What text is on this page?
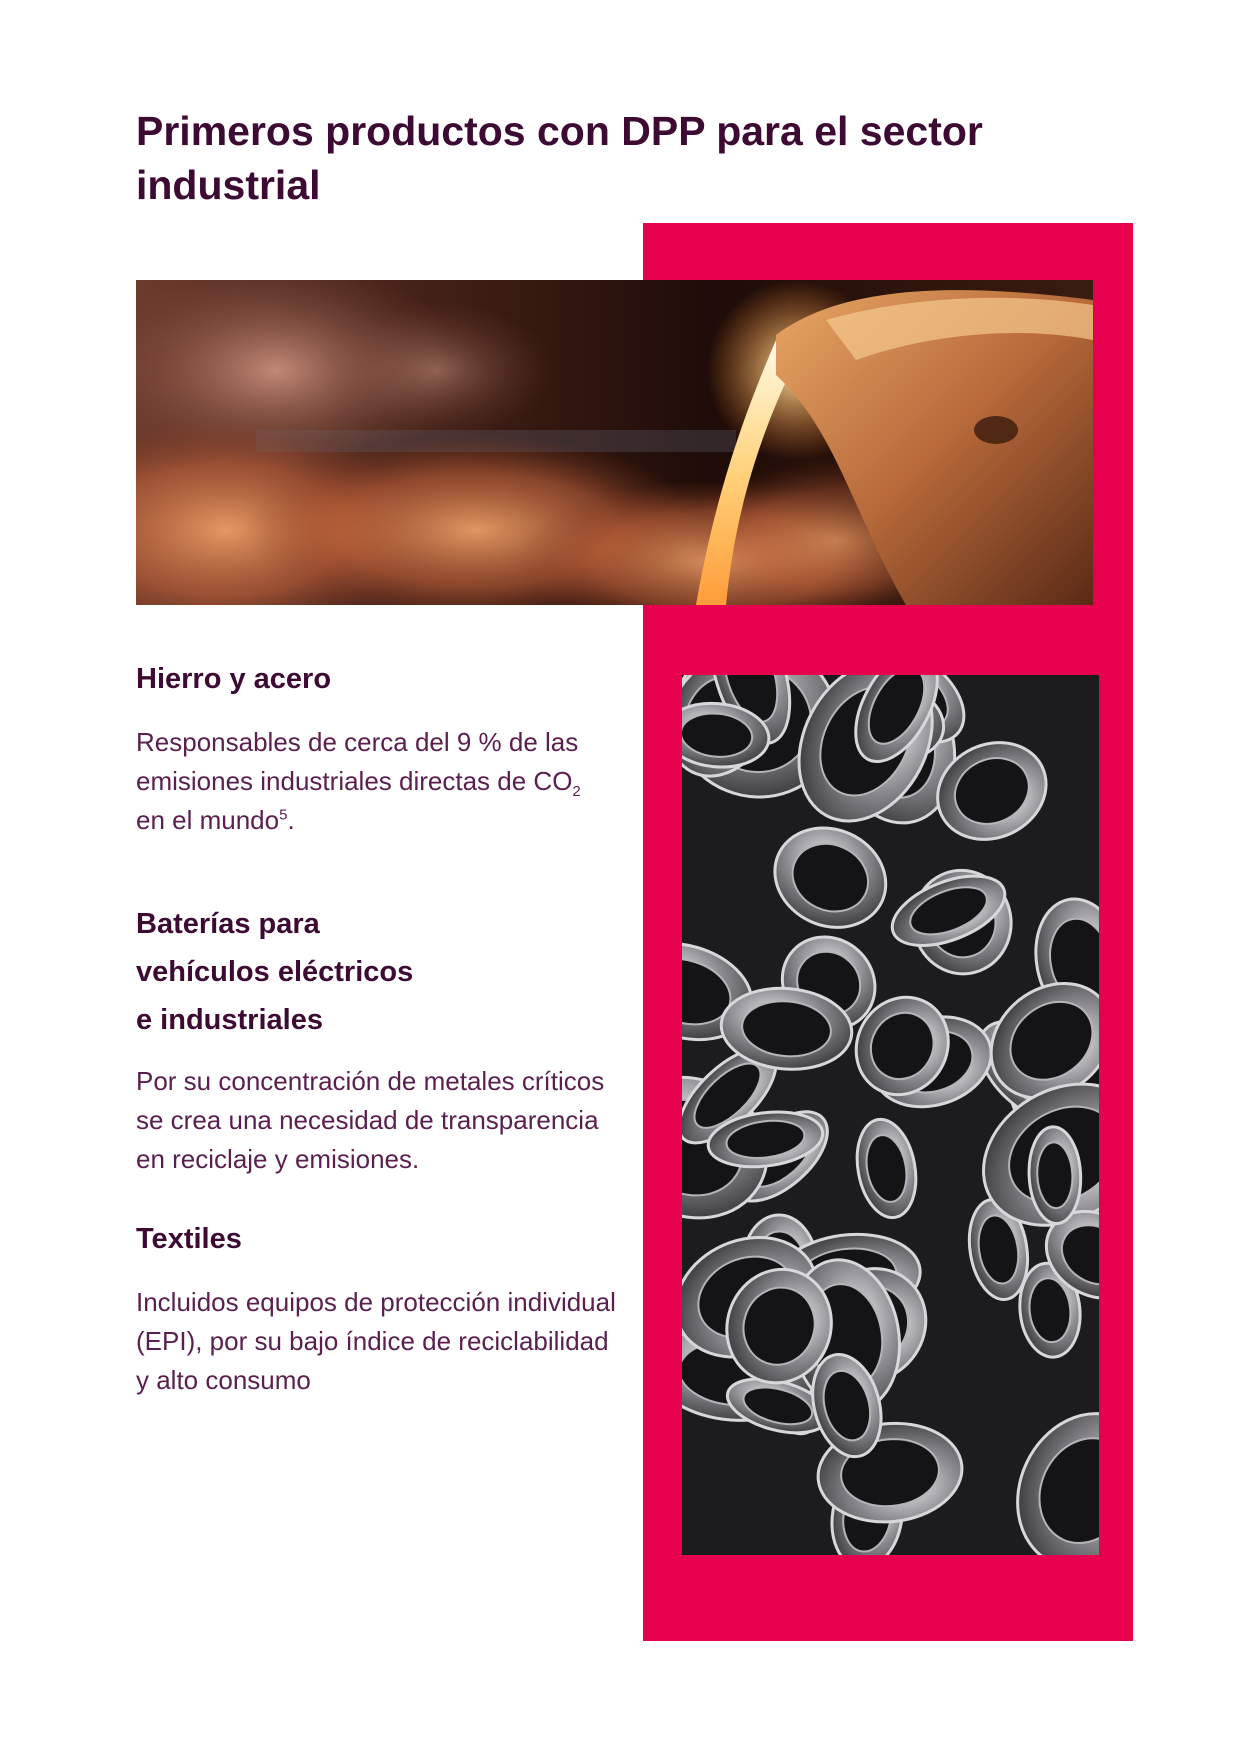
Primeros productos con DPP para el sector industrial
Hierro y acero

Responsables de cerca del 9 % de las emisiones industriales directas de $CO_2$ en el mundo$^5$.

Baterías para
vehículos eléctricos
e industriales

Por su concentración de metales críticos se crea una necesidad de transparencia en reciclaje y emisiones.

Textiles

Incluidos equipos de protección individual (EPI), por su bajo índice de reciclabilidad y alto consumo
